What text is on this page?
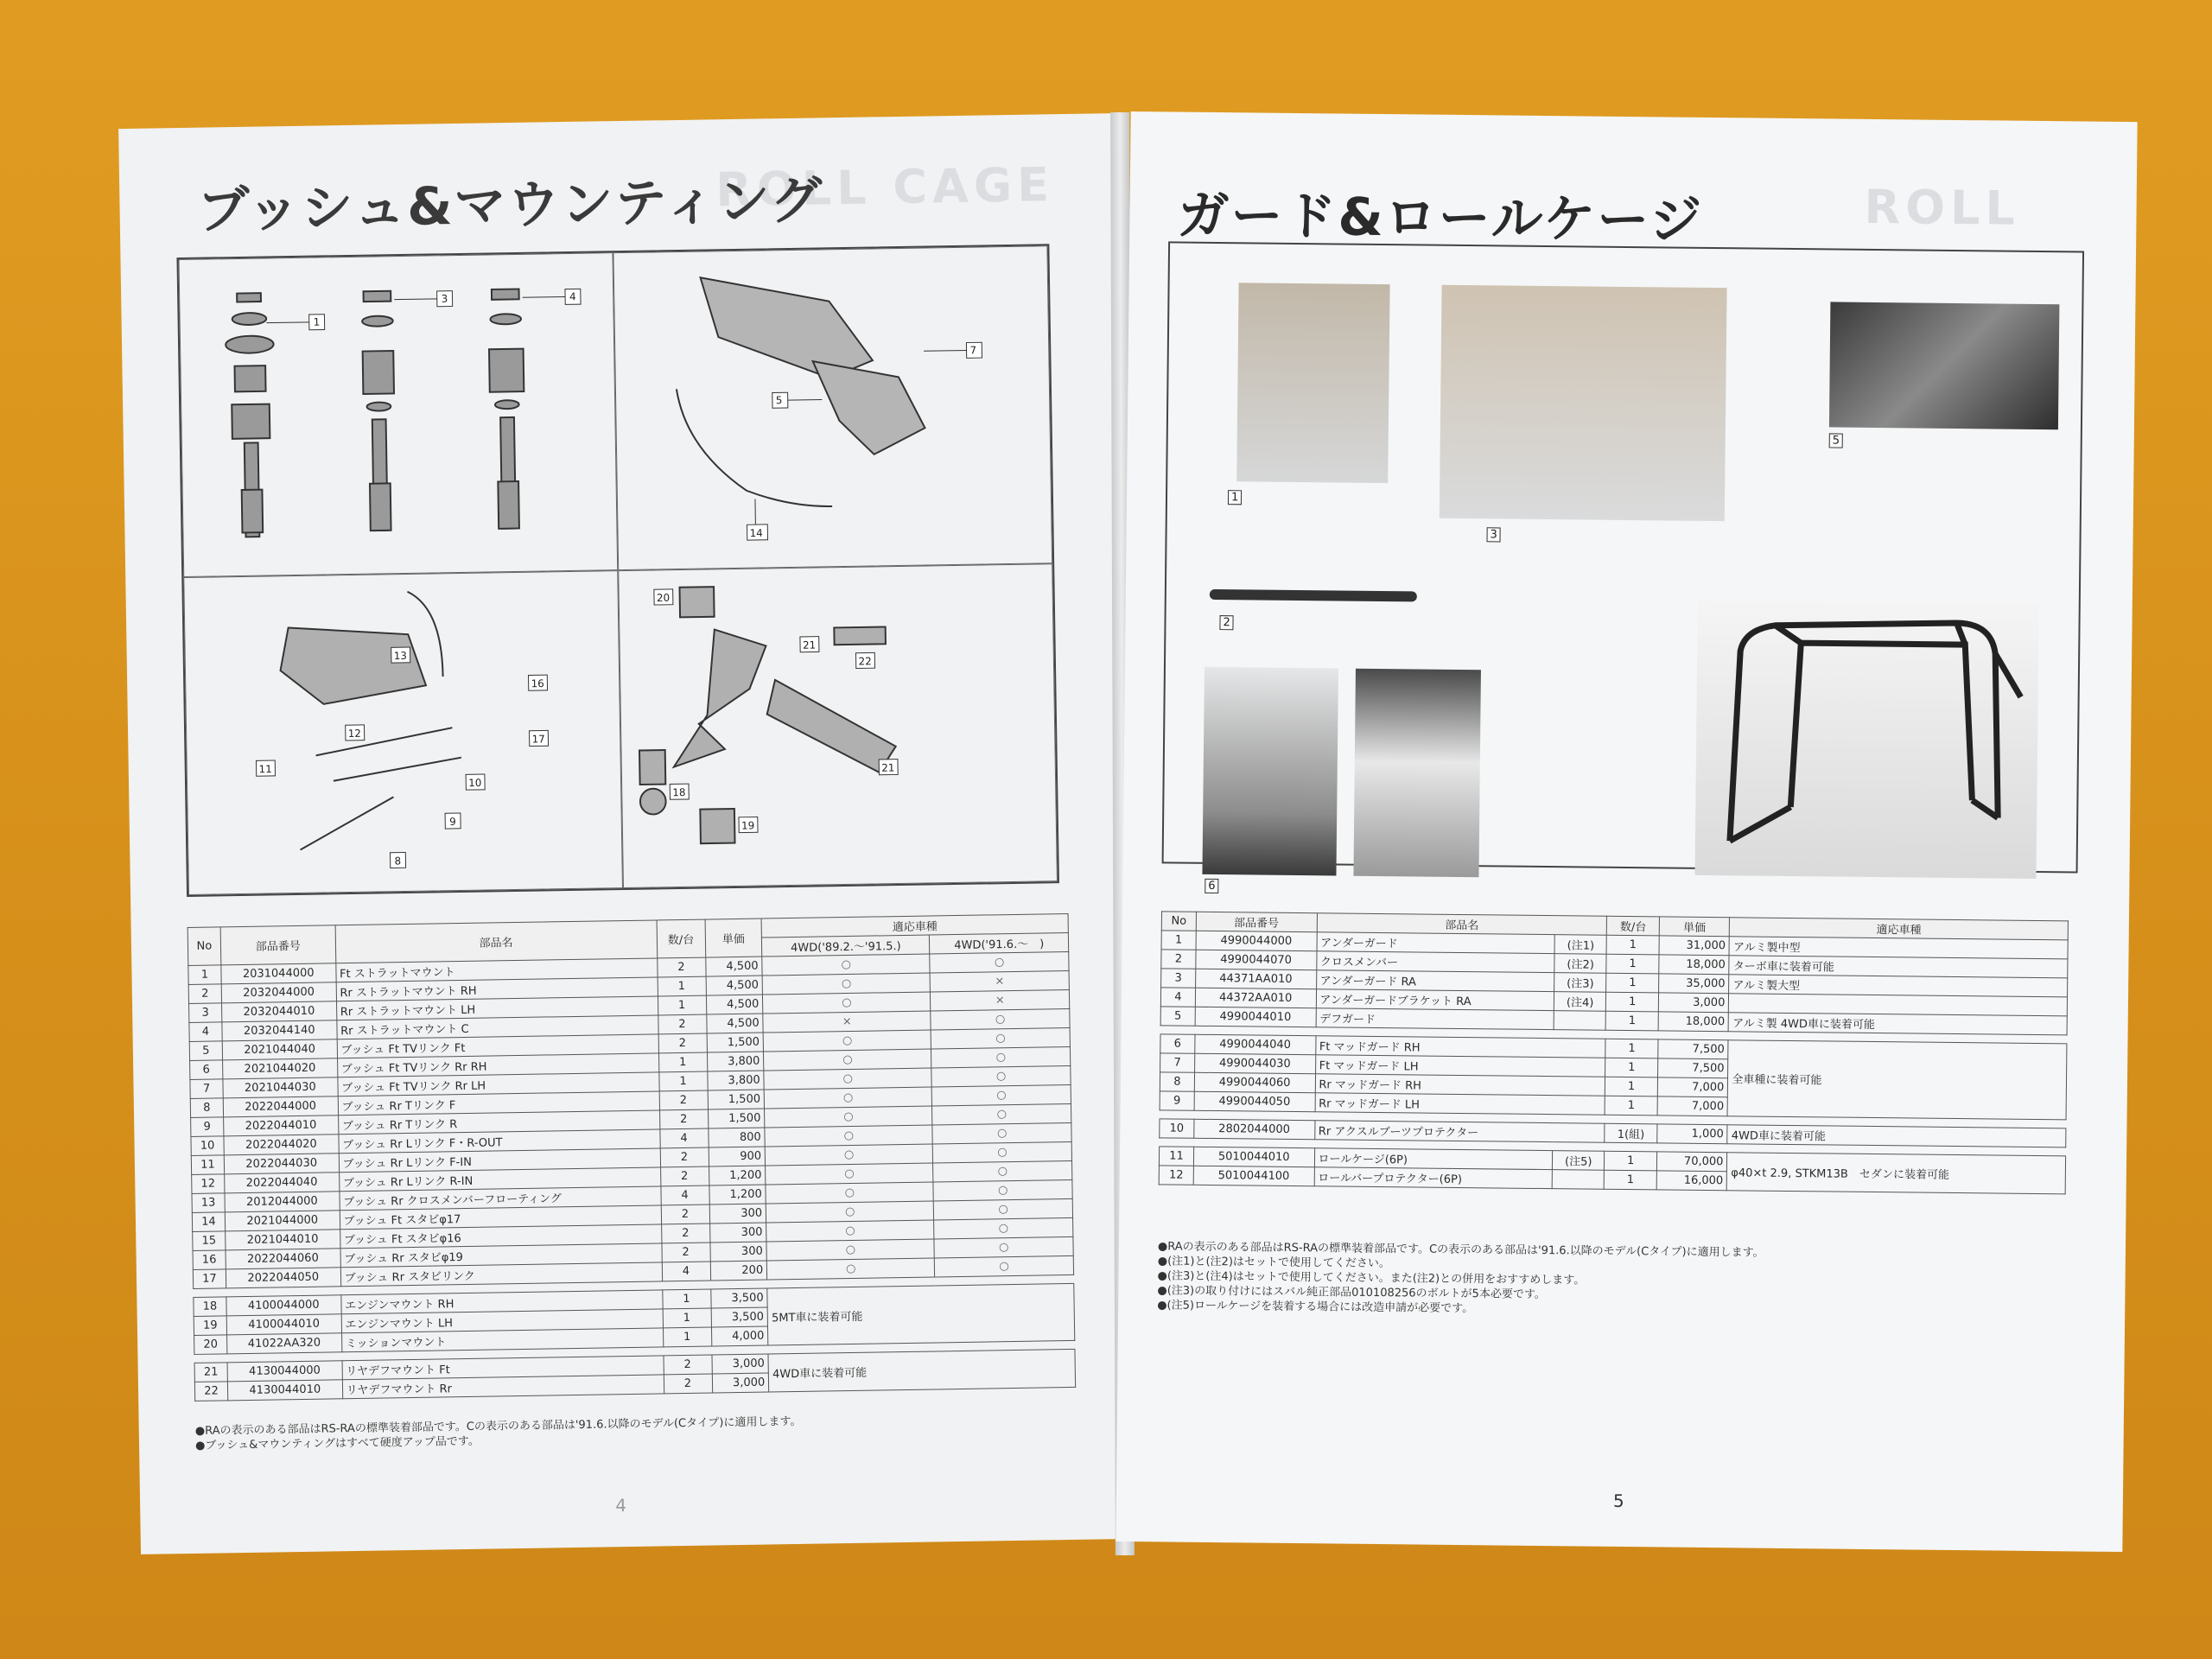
ROLL CAGE
ブッシュ&マウンティング
1
3	4
7
5
14
13
16
11
12	17
10
9
8
20
21
22
18
19
21
No	部品番号	部品名	数/台	単価	適応車種	
					4WD('89.2.～'91.5.)	4WD('91.6.～　)
1	2031044000	Ft ストラットマウント	2	4,500	○	○
2	2032044000	Rr ストラットマウント RH	1	4,500	○	×
3	2032044010	Rr ストラットマウント LH	1	4,500	○	×
4	2032044140	Rr ストラットマウント C	2	4,500	×	○
5	2021044040	ブッシュ Ft TVリンク Ft	2	1,500	○	○
6	2021044020	ブッシュ Ft TVリンク Rr RH	1	3,800	○	○
7	2021044030	ブッシュ Ft TVリンク Rr LH	1	3,800	○	○
8	2022044000	ブッシュ Rr Tリンク F	2	1,500	○	○
9	2022044010	ブッシュ Rr Tリンク R	2	1,500	○	○
10	2022044020	ブッシュ Rr Lリンク F・R-OUT	4	800	○	○
11	2022044030	ブッシュ Rr Lリンク F-IN	2	900	○	○
12	2022044040	ブッシュ Rr Lリンク R-IN	2	1,200	○	○
13	2012044000	ブッシュ Rr クロスメンバーフローティング	4	1,200	○	○
14	2021044000	ブッシュ Ft スタビφ17	2	300	○	○
15	2021044010	ブッシュ Ft スタビφ16	2	300	○	○
16	2022044060	ブッシュ Rr スタビφ19	2	300	○	○
17	2022044050	ブッシュ Rr スタビリンク	4	200	○	○

18	4100044000	エンジンマウント RH	1	3,500	5MT車に装着可能	
19	4100044010	エンジンマウント LH	1	3,500		
20	41022AA320	ミッションマウント	1	4,000		

21	4130044000	リヤデフマウント Ft	2	3,000	4WD車に装着可能	
22	4130044010	リヤデフマウント Rr	2	3,000		
●RAの表示のある部品はRS-RAの標準装着部品です。Cの表示のある部品は'91.6.以降のモデル(Cタイプ)に適用します。
●ブッシュ&マウンティングはすべて硬度アップ品です。
4
ROLL
ガード&ロールケージ
1
3
5
2
6
No	部品番号	部品名		数/台	単価	適応車種
1	4990044000	アンダーガード	(注1)	1	31,000	アルミ製中型
2	4990044070	クロスメンバー	(注2)	1	18,000	ターボ車に装着可能
3	44371AA010	アンダーガード RA	(注3)	1	35,000	アルミ製大型
4	44372AA010	アンダーガードブラケット RA	(注4)	1	3,000	
5	4990044010	デフガード		1	18,000	アルミ製 4WD車に装着可能

6	4990044040	Ft マッドガード RH		1	7,500	全車種に装着可能
7	4990044030	Ft マッドガード LH		1	7,500	
8	4990044060	Rr マッドガード RH		1	7,000	
9	4990044050	Rr マッドガード LH		1	7,000	

10	2802044000	Rr アクスルブーツプロテクター		1(組)	1,000	4WD車に装着可能

11	5010044010	ロールケージ(6P)	(注5)	1	70,000	φ40×t 2.9, STKM13B　セダンに装着可能
12	5010044100	ロールバープロテクター(6P)		1	16,000	
●RAの表示のある部品はRS-RAの標準装着部品です。Cの表示のある部品は'91.6.以降のモデル(Cタイプ)に適用します。
●(注1)と(注2)はセットで使用してください。
●(注3)と(注4)はセットで使用してください。また(注2)との併用をおすすめします。
●(注3)の取り付けにはスバル純正部品010108256のボルトが5本必要です。
●(注5)ロールケージを装着する場合には改造申請が必要です。
5
